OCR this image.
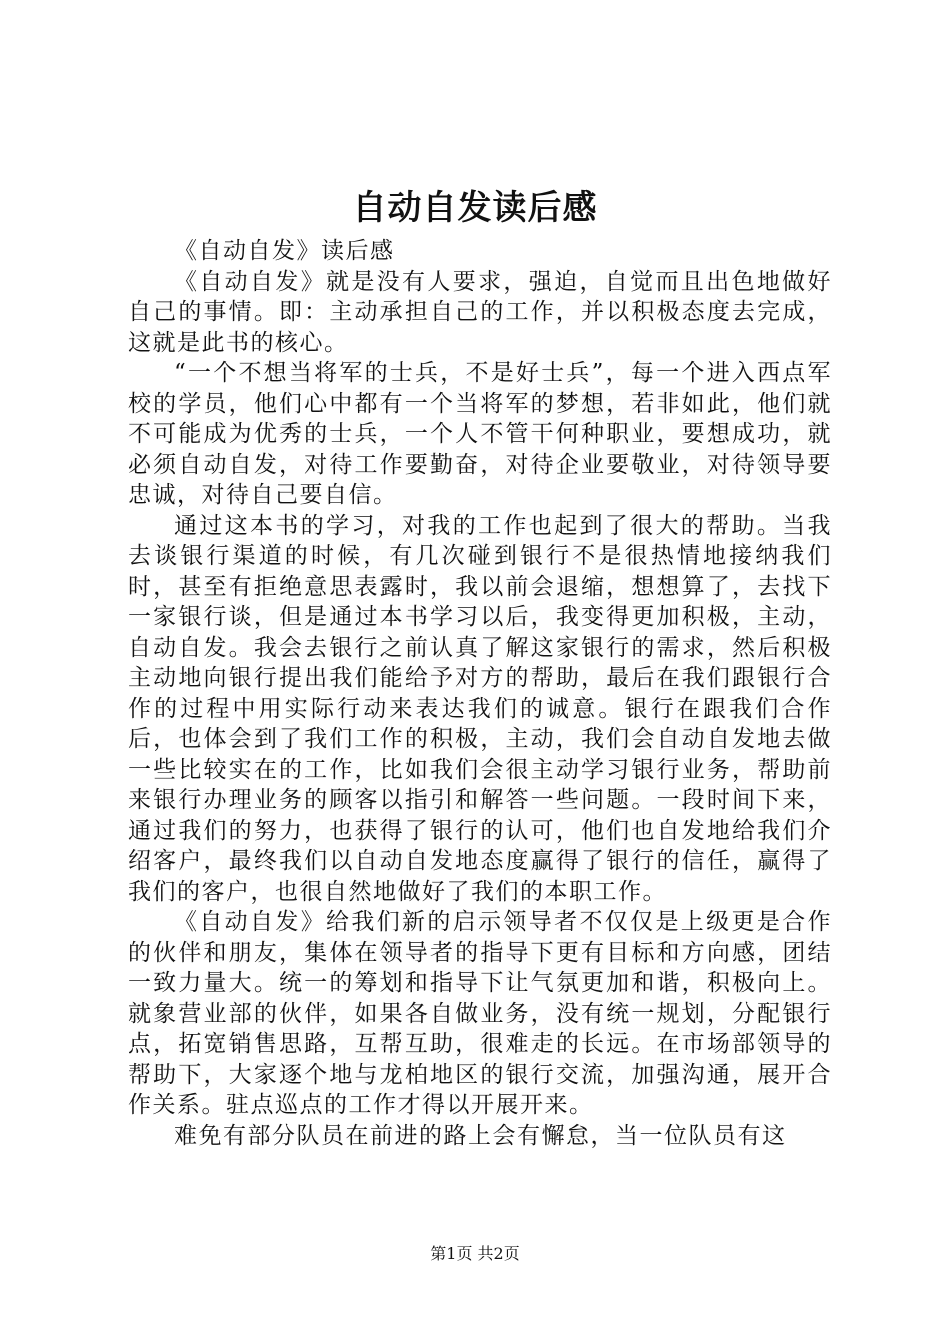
自动自发读后感

《自动自发》读后感

《自动自发》就是没有人要求，强迫，自觉而且出色地做好自己的事情。即：主动承担自己的工作，并以积极态度去完成，这就是此书的核心。

“一个不想当将军的士兵，不是好士兵”，每一个进入西点军校的学员，他们心中都有一个当将军的梦想，若非如此，他们就不可能成为优秀的士兵，一个人不管干何种职业，要想成功，就必须自动自发，对待工作要勤奋，对待企业要敬业，对待领导要忠诚，对待自己要自信。

通过这本书的学习，对我的工作也起到了很大的帮助。当我去谈银行渠道的时候，有几次碰到银行不是很热情地接纳我们时，甚至有拒绝意思表露时，我以前会退缩，想想算了，去找下一家银行谈，但是通过本书学习以后，我变得更加积极，主动，自动自发。我会去银行之前认真了解这家银行的需求，然后积极主动地向银行提出我们能给予对方的帮助，最后在我们跟银行合作的过程中用实际行动来表达我们的诚意。银行在跟我们合作后，也体会到了我们工作的积极，主动，我们会自动自发地去做一些比较实在的工作，比如我们会很主动学习银行业务，帮助前来银行办理业务的顾客以指引和解答一些问题。一段时间下来，通过我们的努力，也获得了银行的认可，他们也自发地给我们介绍客户，最终我们以自动自发地态度赢得了银行的信任，赢得了我们的客户，也很自然地做好了我们的本职工作。

《自动自发》给我们新的启示领导者不仅仅是上级更是合作的伙伴和朋友，集体在领导者的指导下更有目标和方向感，团结一致力量大。统一的筹划和指导下让气氛更加和谐，积极向上。就象营业部的伙伴，如果各自做业务，没有统一规划，分配银行点，拓宽销售思路，互帮互助，很难走的长远。在市场部领导的帮助下，大家逐个地与龙柏地区的银行交流，加强沟通，展开合作关系。驻点巡点的工作才得以开展开来。

难免有部分队员在前进的路上会有懈怠，当一位队员有这

第1页 共2页
